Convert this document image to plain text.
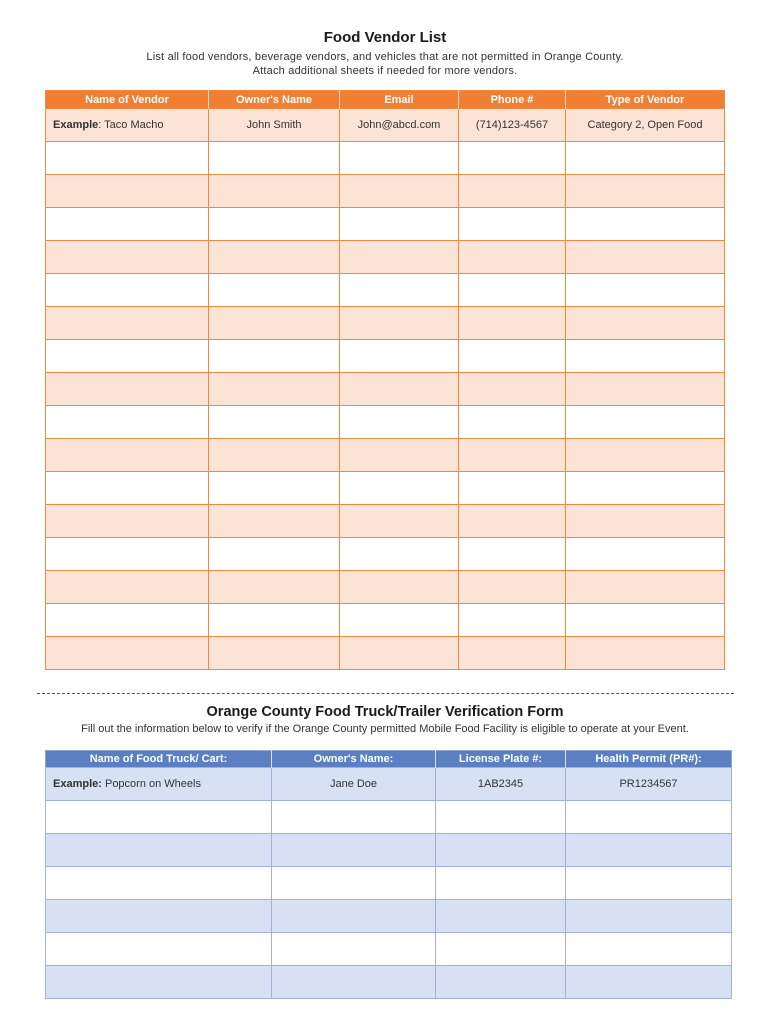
Food Vendor List
List all food vendors, beverage vendors, and vehicles that are not permitted in Orange County.
Attach additional sheets if needed for more vendors.
Name of Vendor	Owner's Name	Email	Phone #	Type of Vendor
Example: Taco Macho	John Smith	John@abcd.com	(714)123-4567	Category 2, Open Food

Orange County Food Truck/Trailer Verification Form
Fill out the information below to verify if the Orange County permitted Mobile Food Facility is eligible to operate at your Event.
Name of Food Truck/ Cart:	Owner's Name:	License Plate #:	Health Permit (PR#):
Example: Popcorn on Wheels	Jane Doe	1AB2345	PR1234567
